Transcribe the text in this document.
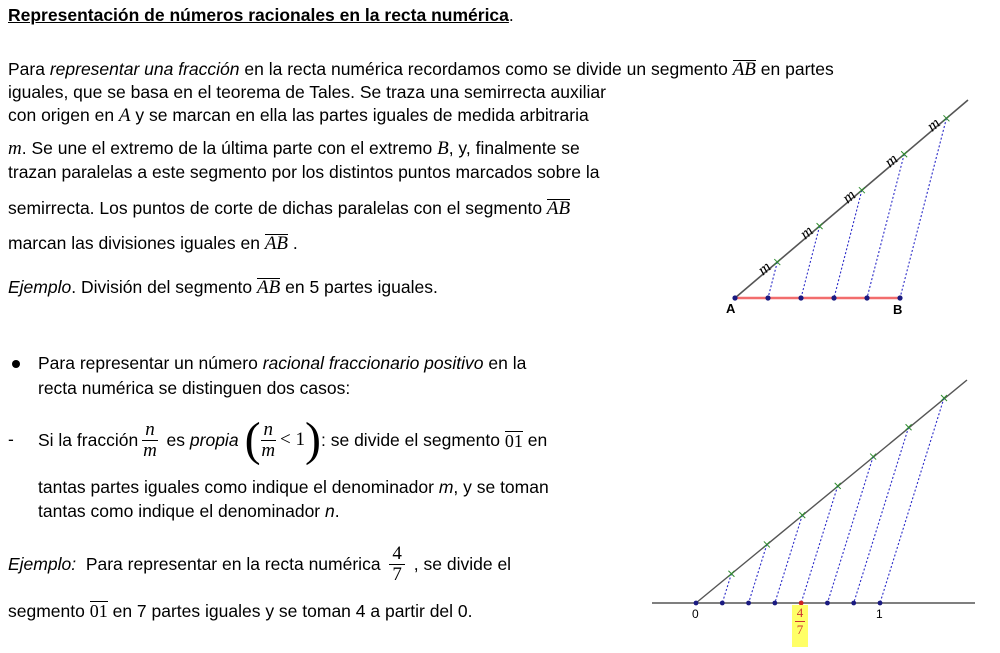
Representación de números racionales en la recta numérica.
Para representar una fracción en la recta numérica recordamos como se divide un segmento AB en partes
iguales, que se basa en el teorema de Tales. Se traza una semirrecta auxiliar
con origen en A y se marcan en ella las partes iguales de medida arbitraria
m. Se une el extremo de la última parte con el extremo B, y, finalmente se
trazan paralelas a este segmento por los distintos puntos marcados sobre la
semirrecta. Los puntos de corte de dichas paralelas con el segmento AB
marcan las divisiones iguales en AB .
Ejemplo. División del segmento AB en 5 partes iguales.
Para representar un número racional fraccionario positivo en la
recta numérica se distinguen dos casos:
- Si la fracción $\frac{n}{m}$ es propia ( $\frac{n}{m} < 1$ ) : se divide el segmento 01 en
tantas partes iguales como indique el denominador m, y se toman
tantas como indique el denominador n.
Ejemplo: Para representar en la recta numérica $\frac{4}{7}$ , se divide el
segmento 01 en 7 partes iguales y se toman 4 a partir del 0.
m
m
m
m
m
A	B
0	1
$\frac{4}{7}$
